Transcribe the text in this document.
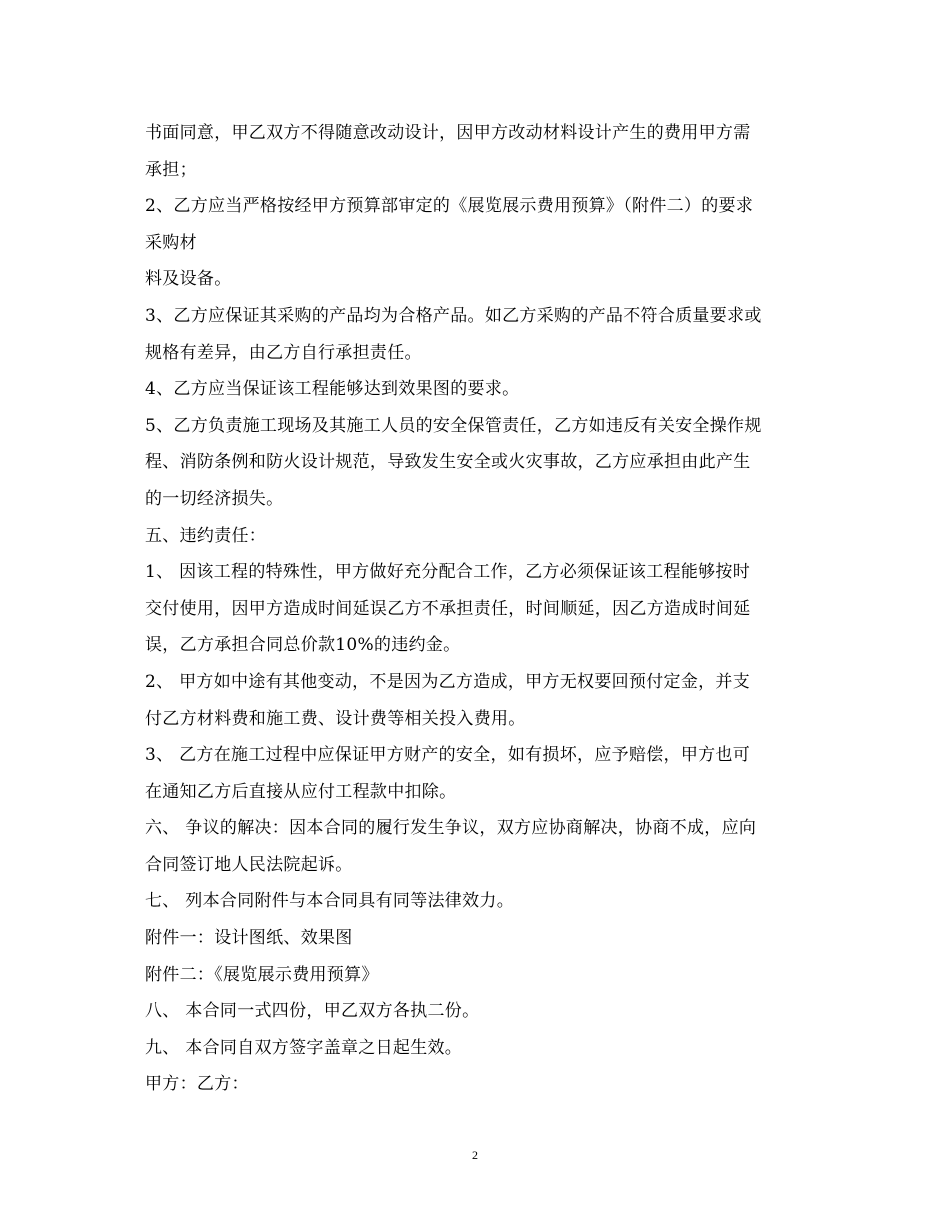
书面同意，甲乙双方不得随意改动设计，因甲方改动材料设计产生的费用甲方需
承担；
2、乙方应当严格按经甲方预算部审定的《展览展示费用预算》（附件二）的要求
采购材
料及设备。
3、乙方应保证其采购的产品均为合格产品。如乙方采购的产品不符合质量要求或
规格有差异，由乙方自行承担责任。
4、乙方应当保证该工程能够达到效果图的要求。
5、乙方负责施工现场及其施工人员的安全保管责任，乙方如违反有关安全操作规
程、消防条例和防火设计规范，导致发生安全或火灾事故，乙方应承担由此产生
的一切经济损失。
五、违约责任：
1、 因该工程的特殊性，甲方做好充分配合工作，乙方必须保证该工程能够按时
交付使用，因甲方造成时间延误乙方不承担责任，时间顺延，因乙方造成时间延
误，乙方承担合同总价款10%的违约金。
2、 甲方如中途有其他变动，不是因为乙方造成，甲方无权要回预付定金，并支
付乙方材料费和施工费、设计费等相关投入费用。
3、 乙方在施工过程中应保证甲方财产的安全，如有损坏，应予赔偿，甲方也可
在通知乙方后直接从应付工程款中扣除。
六、 争议的解决：因本合同的履行发生争议，双方应协商解决，协商不成，应向
合同签订地人民法院起诉。
七、 列本合同附件与本合同具有同等法律效力。
附件一：设计图纸、效果图
附件二：《展览展示费用预算》
八、 本合同一式四份，甲乙双方各执二份。
九、 本合同自双方签字盖章之日起生效。
甲方：乙方：
2
